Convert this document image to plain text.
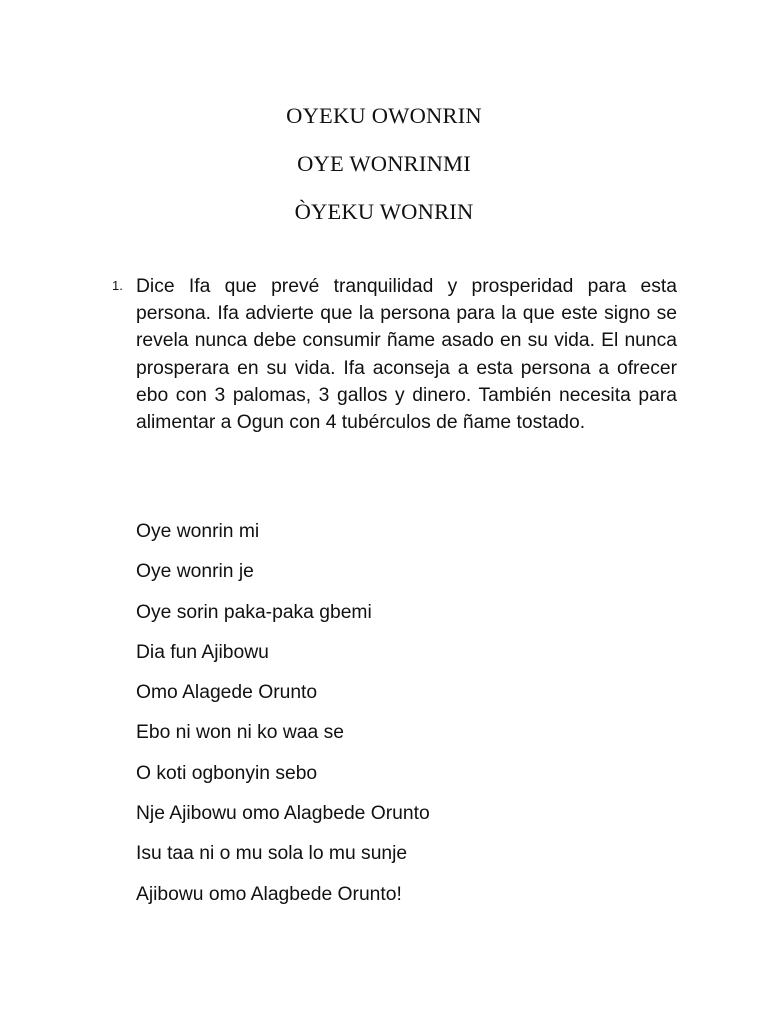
OYEKU OWONRIN
OYE WONRINMI
ÒYEKU WONRIN
1. Dice Ifa que prevé tranquilidad y prosperidad para esta persona. Ifa advierte que la persona para la que este signo se revela nunca debe consumir ñame asado en su vida. El nunca prosperara en su vida. Ifa aconseja a esta persona a ofrecer ebo con 3 palomas, 3 gallos y dinero. También necesita para alimentar a Ogun con 4 tubérculos de ñame tostado.

Oye wonrin mi
Oye wonrin je
Oye sorin paka-paka gbemi
Dia fun Ajibowu
Omo Alagede Orunto
Ebo ni won ni ko waa se
O koti ogbonyin sebo
Nje Ajibowu omo Alagbede Orunto
Isu taa ni o mu sola lo mu sunje
Ajibowu omo Alagbede Orunto!
